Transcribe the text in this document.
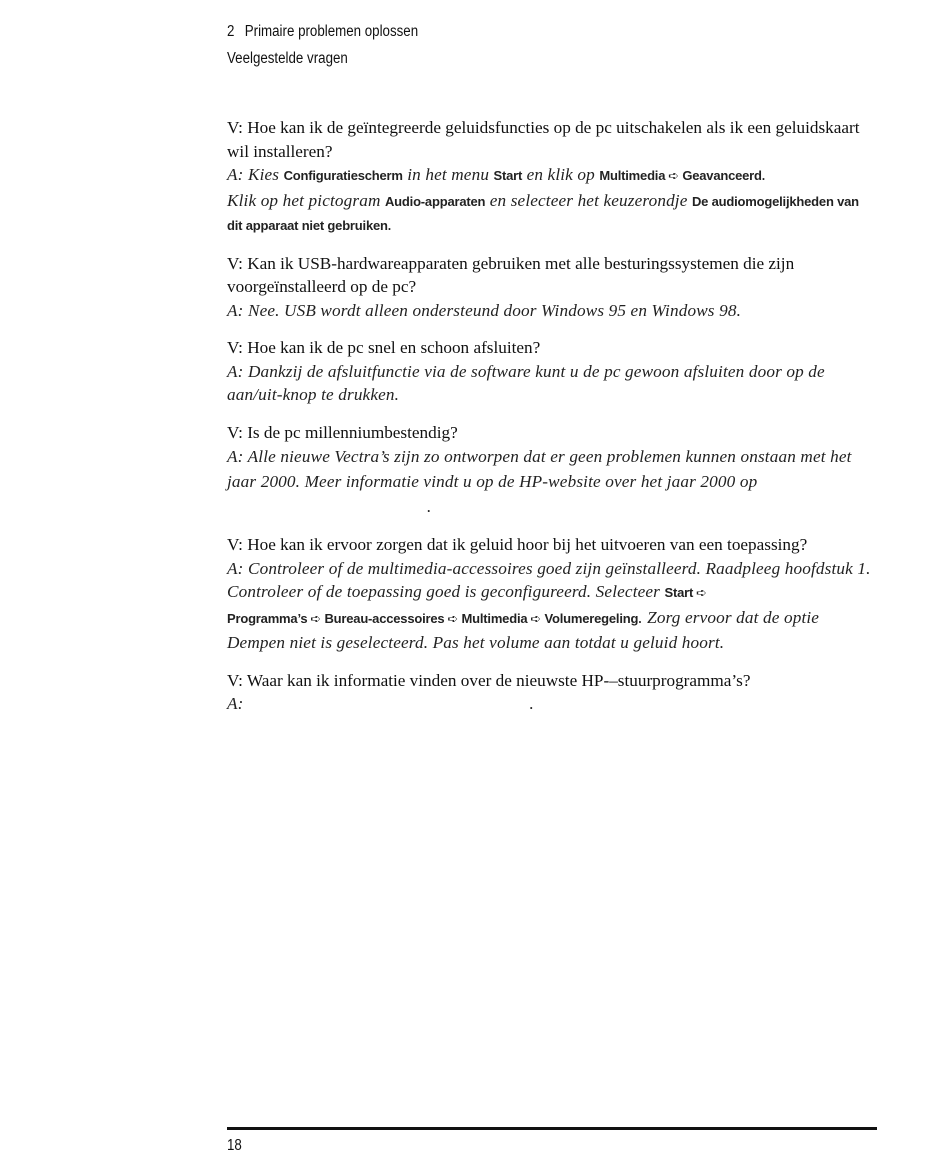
2 Primaire problemen oplossen
Veelgestelde vragen
V: Hoe kan ik de geïntegreerde geluidsfuncties op de pc uitschakelen als ik een geluidskaart wil installeren?
A: Kies Configuratiescherm in het menu Start en klik op Multimedia ➪ Geavanceerd.
Klik op het pictogram Audio-apparaten en selecteer het keuzerondje De audiomogelijkheden van dit apparaat niet gebruiken.
V: Kan ik USB-hardwareapparaten gebruiken met alle besturingssystemen die zijn voorgeïnstalleerd op de pc?
A: Nee. USB wordt alleen ondersteund door Windows 95 en Windows 98.
V: Hoe kan ik de pc snel en schoon afsluiten?
A: Dankzij de afsluitfunctie via de software kunt u de pc gewoon afsluiten door op de aan/uit-knop te drukken.
V: Is de pc millenniumbestendig?
A: Alle nieuwe Vectra’s zijn zo ontworpen dat er geen problemen kunnen onstaan met het jaar 2000. Meer informatie vindt u op de HP-website over het jaar 2000 op.
V: Hoe kan ik ervoor zorgen dat ik geluid hoor bij het uitvoeren van een toepassing?
A: Controleer of de multimedia-accessoires goed zijn geïnstalleerd. Raadpleeg hoofdstuk 1.
Controleer of de toepassing goed is geconfigureerd. Selecteer Start ➪
Programma’s ➪ Bureau-accessoires ➪ Multimedia ➪ Volumeregeling. Zorg ervoor dat de optie Dempen niet is geselecteerd. Pas het volume aan totdat u geluid hoort.
V: Waar kan ik informatie vinden over de nieuwste HP-–stuurprogramma’s?
A:	.
18
